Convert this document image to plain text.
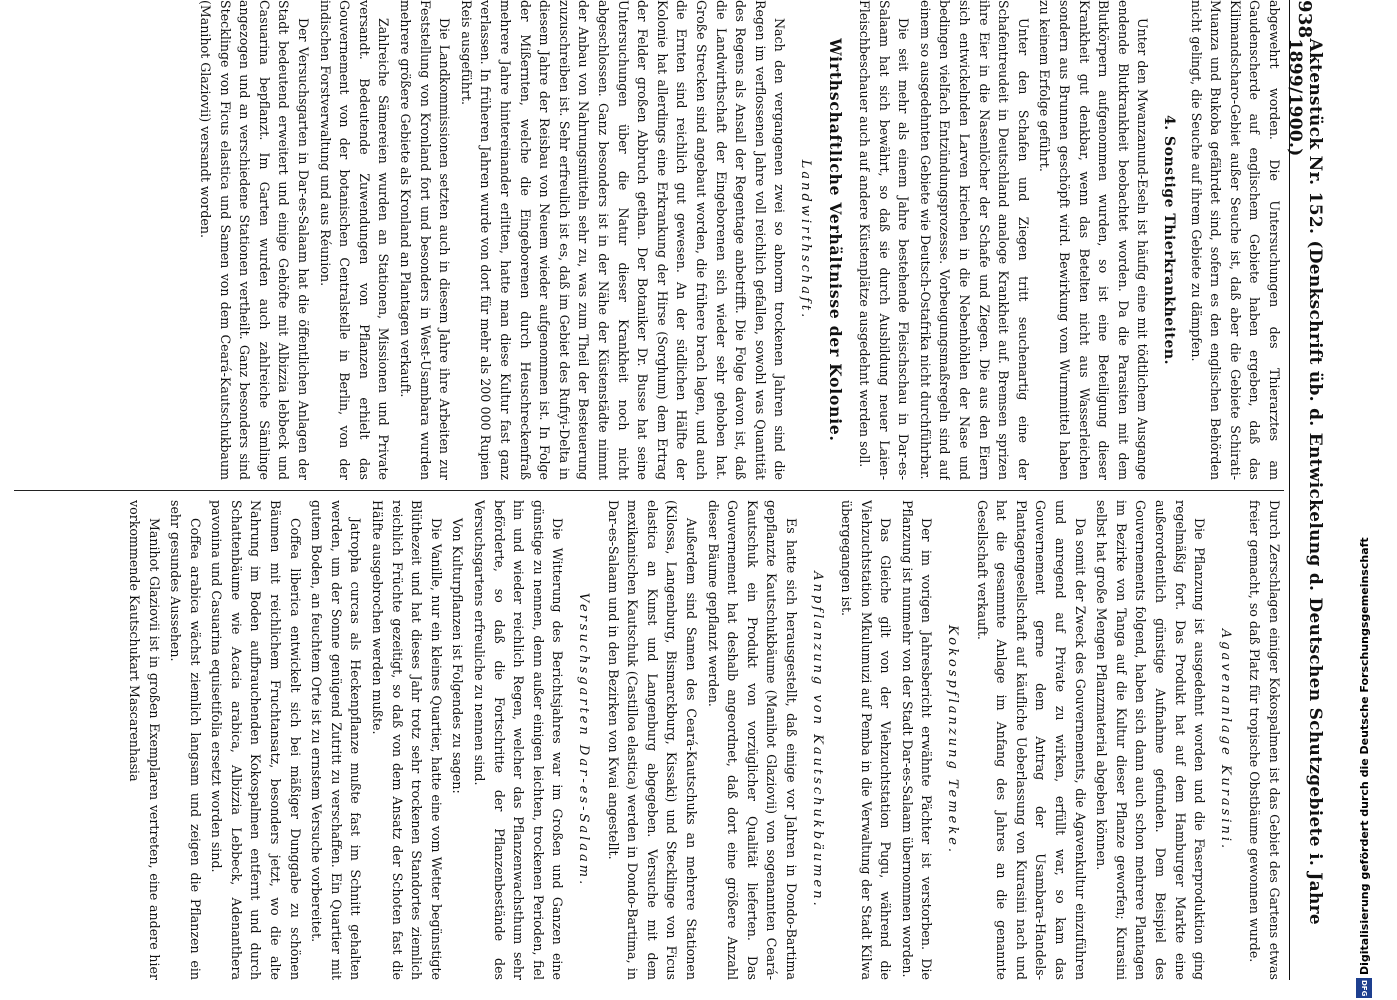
938
Aktenstück Nr. 152. (Denkschrift üb. d. Entwickelung d. Deutschen Schutzgebiete i. Jahre 1899/1900.)

abgewehrt worden. Die Untersuchungen des Thierarztes am Gaudenscherde auf englischem Gebiete haben ergeben, daß das Kilimandscharo-Gebiet außer Seuche ist, daß aber die Gebiete Schirati-Muanza und Bukoba gefährdet sind, sofern es den englischen Behörden nicht gelingt, die Seuche auf ihrem Gebiete zu dämpfen.

4. Sonstige Thierkrankheiten.

Unter den Mwanzanund-Eseln ist häufig eine mit tödtlichem Ausgange endende Blutkrankheit beobachtet worden. Da die Parasiten mit dem Blutkörpern aufgenommen wurden, so ist eine Beteiligung dieser Krankheit gut denkbar, wenn das Betelten nicht aus Wasserleichen sondern aus Brunnen geschöpft wird. Bewirkung vom Wurmmittel haben zu keinem Erfolge geführt.

Unter den Schafen und Ziegen tritt seuchenartig eine der Schafentreudeit in Deutschland analoge Krankheit auf. Bremsen sprizen ihre Eier in die Nasenlöcher der Schafe und Ziegen. Die aus den Eiern sich entwickelnden Larven kriechen in die Nebenhöhlen der Nase und bedingen vielfach Entzündungsprozesse. Vorbeugungsmaßregeln sind auf einem so ausgedehnten Gebiete wie Deutsch-Ostafrika nicht durchführbar.

Die seit mehr als einem Jahre bestehende Fleischschau in Dar-es-Salaam hat sich bewährt, so daß sie durch Ausbildung neuer Laien-Fleischbeschauer auch auf andere Küstenplätze ausgedehnt werden soll.

Wirthschaftliche Verhältnisse der Kolonie.
Landwirthschaft.

Nach den vergangenen zwei so abnorm trockenen Jahren sind die Regen im verflossenen Jahre voll reichlich gefallen, sowohl was Quantität des Regens als Ansall der Regentage anbetrifft. Die Folge davon ist, daß die Landwirthschaft der Eingeborenen sich wieder sehr gehoben hat. Große Strecken sind angebaut worden, die frühere brach lagen, und auch die Ernten sind reichlich gut gewesen. An der südlichen Hälfte der Kolonie hat allerdings eine Erkrankung der Hirse (Sorghum) dem Ertrag der Felder großen Abbruch gethan. Der Botaniker Dr. Busse hat seine Untersuchungen über die Natur dieser Krankheit noch nicht abgeschlossen. Ganz besonders ist in der Nähe der Küstenstädte nimmt der Anbau von Nahrungsmitteln sehr zu, was zum Theil der Besteuerung zuzuschreiben ist. Sehr erfreulich ist es, daß im Gebiet des Rufiyi-Delta in diesem Jahre der Reisbau von Neuem wieder aufgenommen ist. In Folge der Mißernten, welche die Eingeborenen durch Heuschreckenfraß mehrere Jahre hintereinander erlitten, hatte man diese Kultur fast ganz verlassen. In früheren Jahren wurde von dort für mehr als 200 000 Rupien Reis ausgeführt.

Die Landkommissionen setzten auch in diesem Jahre ihre Arbeiten zur Feststellung von Kronland fort und besonders in West-Usambara wurden mehrere größere Gebiete als Kronland an Plantagen verkauft.

Zahlreiche Sämereien wurden an Stationen, Missionen und Private versandt. Bedeutende Zuwendungen von Pflanzen erhielt das Gouvernement von der botanischen Centralstelle in Berlin, von der indischen Forstverwaltung und aus Réunion.

Der Versuchsgarten in Dar-es-Salaam hat die öffentlichen Anlagen der Stadt bedeutend erweitert und einige Gehöfte mit Albizzia lebbeck und Casuarina bepflanzt. Im Garten wurden auch zahlreiche Sämlinge angezogen und an verschiedene Stationen vertheilt. Ganz besonders sind Stecklinge von Ficus elastica und Samen von dem Ceará-Kautschukbaum (Manihot Glaziovii) versandt worden.

Durch Zerschlagen einiger Kokospalmen ist das Gebiet des Gartens etwas freier gemacht, so daß Platz für tropische Obstbäume gewonnen wurde.

Agavenanlage Kurasini.

Die Pflanzung ist ausgedehnt worden und die Faserproduktion ging regelmäßig fort. Das Produkt hat auf dem Hamburger Markte eine außerordentlich günstige Aufnahme gefunden. Dem Beispiel des Gouvernements folgend, haben sich dann auch schon mehrere Plantagen im Bezirke von Tanga auf die Kultur dieser Pflanze geworfen; Kurasini selbst hat große Mengen Pflanzmaterial abgeben können.

Da somit der Zweck des Gouvernements, die Agavenkultur einzuführen und anregend auf Private zu wirken, erfüllt war, so kam das Gouvernement gerne dem Antrag der Usambara-Handels-Plantagengesellschaft auf käufliche Ueberlassung von Kurasini nach und hat die gesammte Anlage im Anfang des Jahres an die genannte Gesellschaft verkauft.

Kokospflanzung Temeke.

Der im vorigen Jahresbericht erwähnte Pächter ist verstorben. Die Pflanzung ist nunmehr von der Stadt Dar-es-Salaam übernommen worden.

Das Gleiche gilt von der Viehzuchtstation Pugu, während die Viehzuchtstation Mkulumuzi auf Pemba in die Verwaltung der Stadt Kilwa übergegangen ist.

Anpflanzung von Kautschukbäumen.

Es hatte sich herausgestellt, daß einige vor Jahren in Dondo-Bartima gepflanzte Kautschukbäume (Manihot Glaziovii) von sogenannten Ceará-Kautschuk ein Produkt von vorzüglicher Qualität lieferten. Das Gouvernement hat deshalb angeordnet, daß dort eine größere Anzahl dieser Bäume gepflanzt werden.

Außerdem sind Samen des Ceará-Kautschuks an mehrere Stationen (Kilossa, Langenburg, Bismarckburg, Kissaki) und Stecklinge von Ficus elastica an Kunst und Langenburg abgegeben. Versuche mit dem mexikanischen Kautschuk (Castilloa elastica) werden in Dondo-Bartima, in Dar-es-Salaam und in den Bezirken von Kwai angestellt.

Versuchsgarten Dar-es-Salaam.

Die Witterung des Berichtsjahres war im Großen und Ganzen eine günstige zu nennen, denn außer einigen leichten, trockenen Perioden, fiel hin und wieder reichlich Regen, welcher das Pflanzenwachsthum sehr beförderte, so daß die Fortschritte der Pflanzenbestände des Versuchsgartens erfreuliche zu nennen sind.

Von Kulturpflanzen ist Folgendes zu sagen:

Die Vanille, nur ein kleines Quartier, hatte eine vom Wetter begünstigte Blüthezeit und hat dieses Jahr trotz sehr trockenen Standortes ziemlich reichlich Früchte gezeitigt, so daß von dem Ansatz der Schoten fast die Hälfte ausgebrochen werden mußte.

Jatropha curcas als Heckenpflanze mußte fast im Schnitt gehalten werden, um der Sonne genügend Zutritt zu verschaffen. Ein Quartier mit gutem Boden, an feuchtem Orte ist zu ernstem Versuche vorbereitet.

Coffea liberica entwickelt sich bei mäßiger Dunggabe zu schönen Bäumen mit reichlichem Fruchtansatz, besonders jetzt, wo die alte Nahrung im Boden aufbrauchenden Kokospalmen entfernt und durch Schattenbäume wie Acacia arabica, Albizzia Lebbeck, Adenanthera pavonina und Casuarina equisetifolia ersetzt worden sind.

Coffea arabica wächst ziemlich langsam und zeigen die Pflanzen ein sehr gesundes Aussehen.

Manihot Glaziovii ist in großen Exemplaren vertreten, eine andere hier vorkommende Kautschukart Mascarenhasia	Digitalisierung gefördert durch die Deutsche Forschungsgemeinschaft
DFG
